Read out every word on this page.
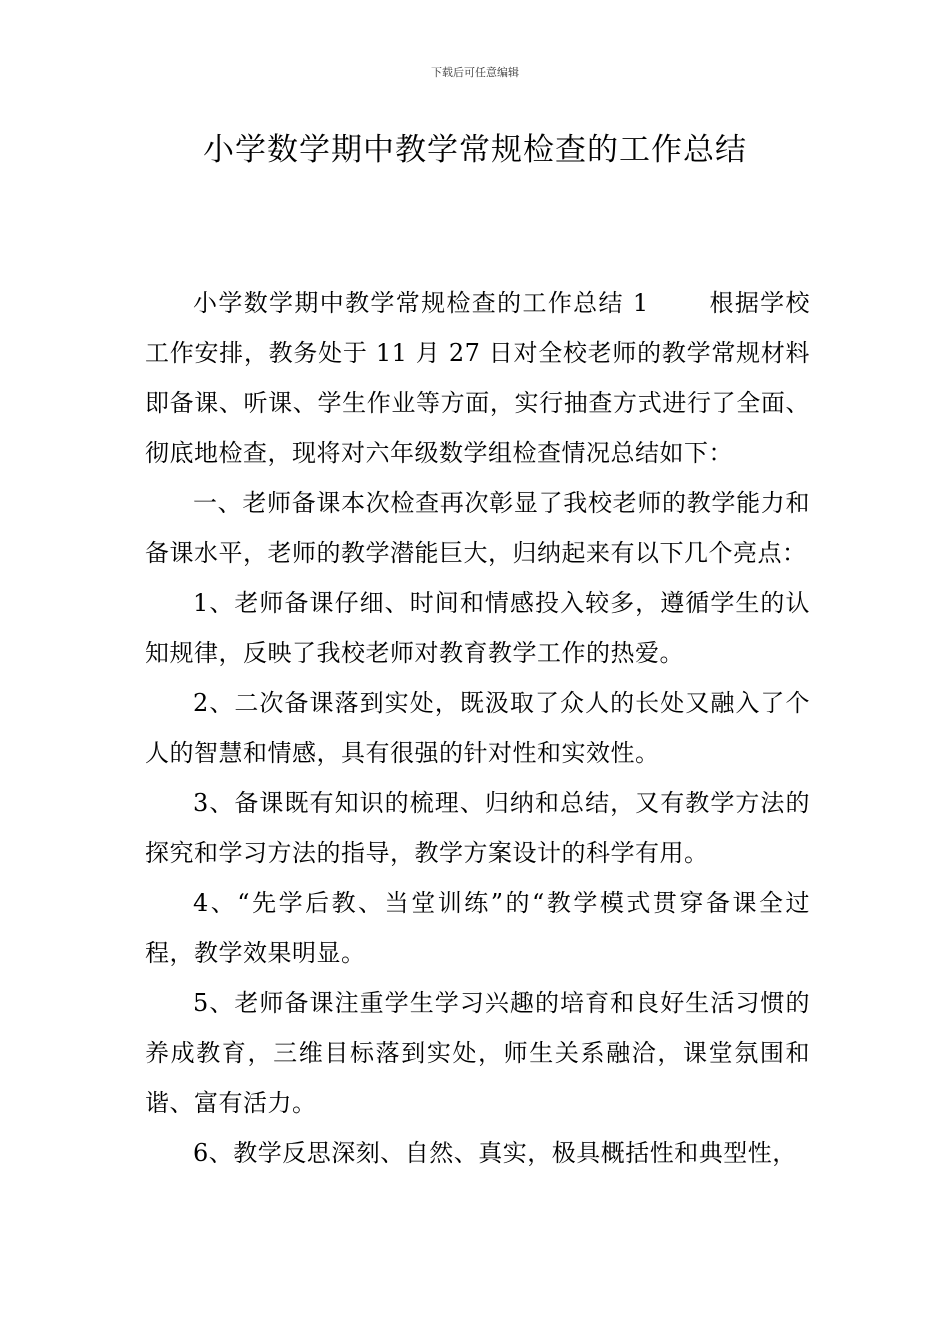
下载后可任意编辑
小学数学期中教学常规检查的工作总结

小学数学期中教学常规检查的工作总结 1	根据学校工作安排，教务处于 11 月 27 日对全校老师的教学常规材料即备课、听课、学生作业等方面，实行抽查方式进行了全面、彻底地检查，现将对六年级数学组检查情况总结如下：

一、老师备课本次检查再次彰显了我校老师的教学能力和备课水平，老师的教学潜能巨大，归纳起来有以下几个亮点：

1、老师备课仔细、时间和情感投入较多，遵循学生的认知规律，反映了我校老师对教育教学工作的热爱。

2、二次备课落到实处，既汲取了众人的长处又融入了个人的智慧和情感，具有很强的针对性和实效性。

3、备课既有知识的梳理、归纳和总结，又有教学方法的探究和学习方法的指导，教学方案设计的科学有用。

4、“先学后教、当堂训练”的“教学模式贯穿备课全过程，教学效果明显。

5、老师备课注重学生学习兴趣的培育和良好生活习惯的养成教育，三维目标落到实处，师生关系融洽，课堂氛围和谐、富有活力。

6、教学反思深刻、自然、真实，极具概括性和典型性，
